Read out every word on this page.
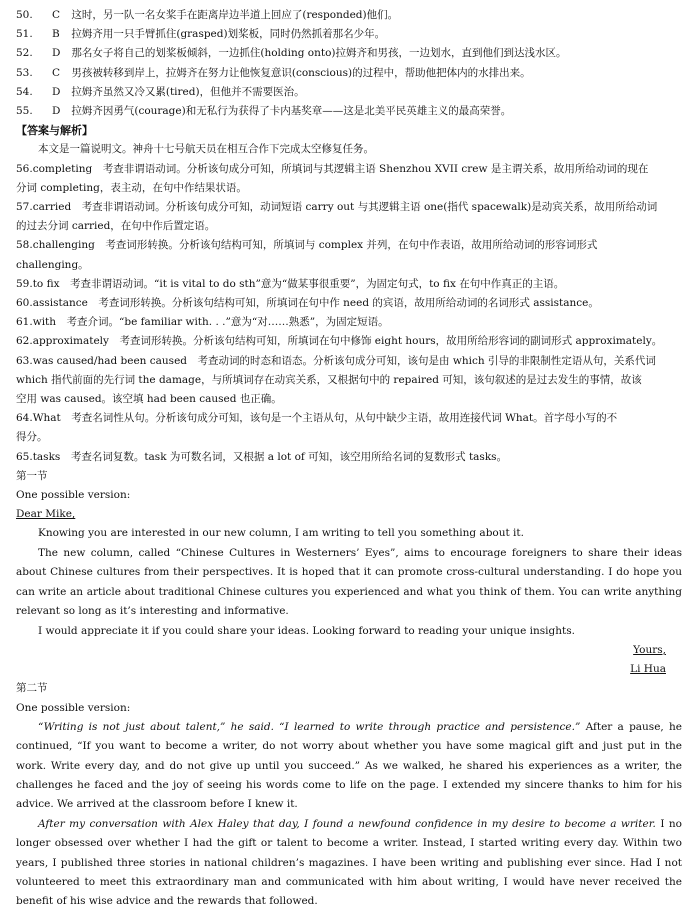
50. C 这时，另一队一名女桨手在距离岸边半道上回应了(responded)他们。
51. B 拉姆齐用一只手臂抓住(grasped)划桨板，同时仍然抓着那名少年。
52. D 那名女子将自己的划桨板倾斜，一边抓住(holding onto)拉姆齐和男孩，一边划水，直到他们到达浅水区。
53. C 男孩被转移到岸上，拉姆齐在努力让他恢复意识(conscious)的过程中，帮助他把体内的水排出来。
54. D 拉姆齐虽然又冷又累(tired)，但他并不需要医治。
55. D 拉姆齐因勇气(courage)和无私行为获得了卡内基奖章——这是北美平民英雄主义的最高荣誉。
【 答案与解析 】
本文是一篇说明文。神舟十七号航天员在相互合作下完成太空修复任务。
56.completing　 考查非谓语动词。分析该句成分可知，所填词与其逻辑主语 Shenzhou XVII crew 是主谓关系，故用所给动词的现在
分词 completing，表主动，在句中作结果状语。
57.carried　 考查非谓语动词。分析该句成分可知，动词短语 carry out 与其逻辑主语 one(指代 spacewalk)是动宾关系，故用所给动词
的过去分词 carried，在句中作后置定语。
58.challenging　 考查词形转换。分析该句结构可知，所填词与 complex 并列，在句中作表语，故用所给动词的形容词形式
challenging。
59.to fix　 考查非谓语动词。“it is vital to do sth”意为“做某事很重要”，为固定句式，to fix 在句中作真正的主语。
60.assistance　 考查词形转换。分析该句结构可知，所填词在句中作 need 的宾语，故用所给动词的名词形式 assistance。
61.with　 考查介词。“be familiar with. . .”意为“对……熟悉”，为固定短语。
62.approximately　 考查词形转换。分析该句结构可知，所填词在句中修饰 eight hours，故用所给形容词的副词形式 approximately。
63.was caused/had been caused　 考查动词的时态和语态。分析该句成分可知，该句是由 which 引导的非限制性定语从句，关系代词
which 指代前面的先行词 the damage，与所填词存在动宾关系，又根据句中的 repaired 可知，该句叙述的是过去发生的事情，故该
空用 was caused。该空填 had been caused 也正确。
64.What　 考查名词性从句。分析该句成分可知，该句是一个主语从句，从句中缺少主语，故用连接代词 What。首字母小写的不
得分。
65.tasks　 考查名词复数。task 为可数名词，又根据 a lot of 可知，该空用所给名词的复数形式 tasks。
第一节
One possible version:
Dear Mike,
Knowing you are interested in our new column, I am writing to tell you something about it.
The new column, called “Chinese Cultures in Westerners’ Eyes”, aims to encourage foreigners to share their ideas about Chinese cultures from their perspectives. It is hoped that it can promote cross-cultural understanding. I do hope you can write an article about traditional Chinese cultures you experienced and what you think of them. You can write anything relevant so long as it’s interesting and informative.
I would appreciate it if you could share your ideas. Looking forward to reading your unique insights.
Yours,
Li Hua
第二节
One possible version:
“Writing is not just about talent,” he said. “I learned to write through practice and persistence.” After a pause, he continued, “If you want to become a writer, do not worry about whether you have some magical gift and just put in the work. Write every day, and do not give up until you succeed.” As we walked, he shared his experiences as a writer, the challenges he faced and the joy of seeing his words come to life on the page. I extended my sincere thanks to him for his advice. We arrived at the classroom before I knew it.
After my conversation with Alex Haley that day, I found a newfound confidence in my desire to become a writer. I no longer obsessed over whether I had the gift or talent to become a writer. Instead, I started writing every day. Within two years, I published three stories in national children’s magazines. I have been writing and publishing ever since. Had I not volunteered to meet this extraordinary man and communicated with him about writing, I would have never received the benefit of his wise advice and the rewards that followed.
